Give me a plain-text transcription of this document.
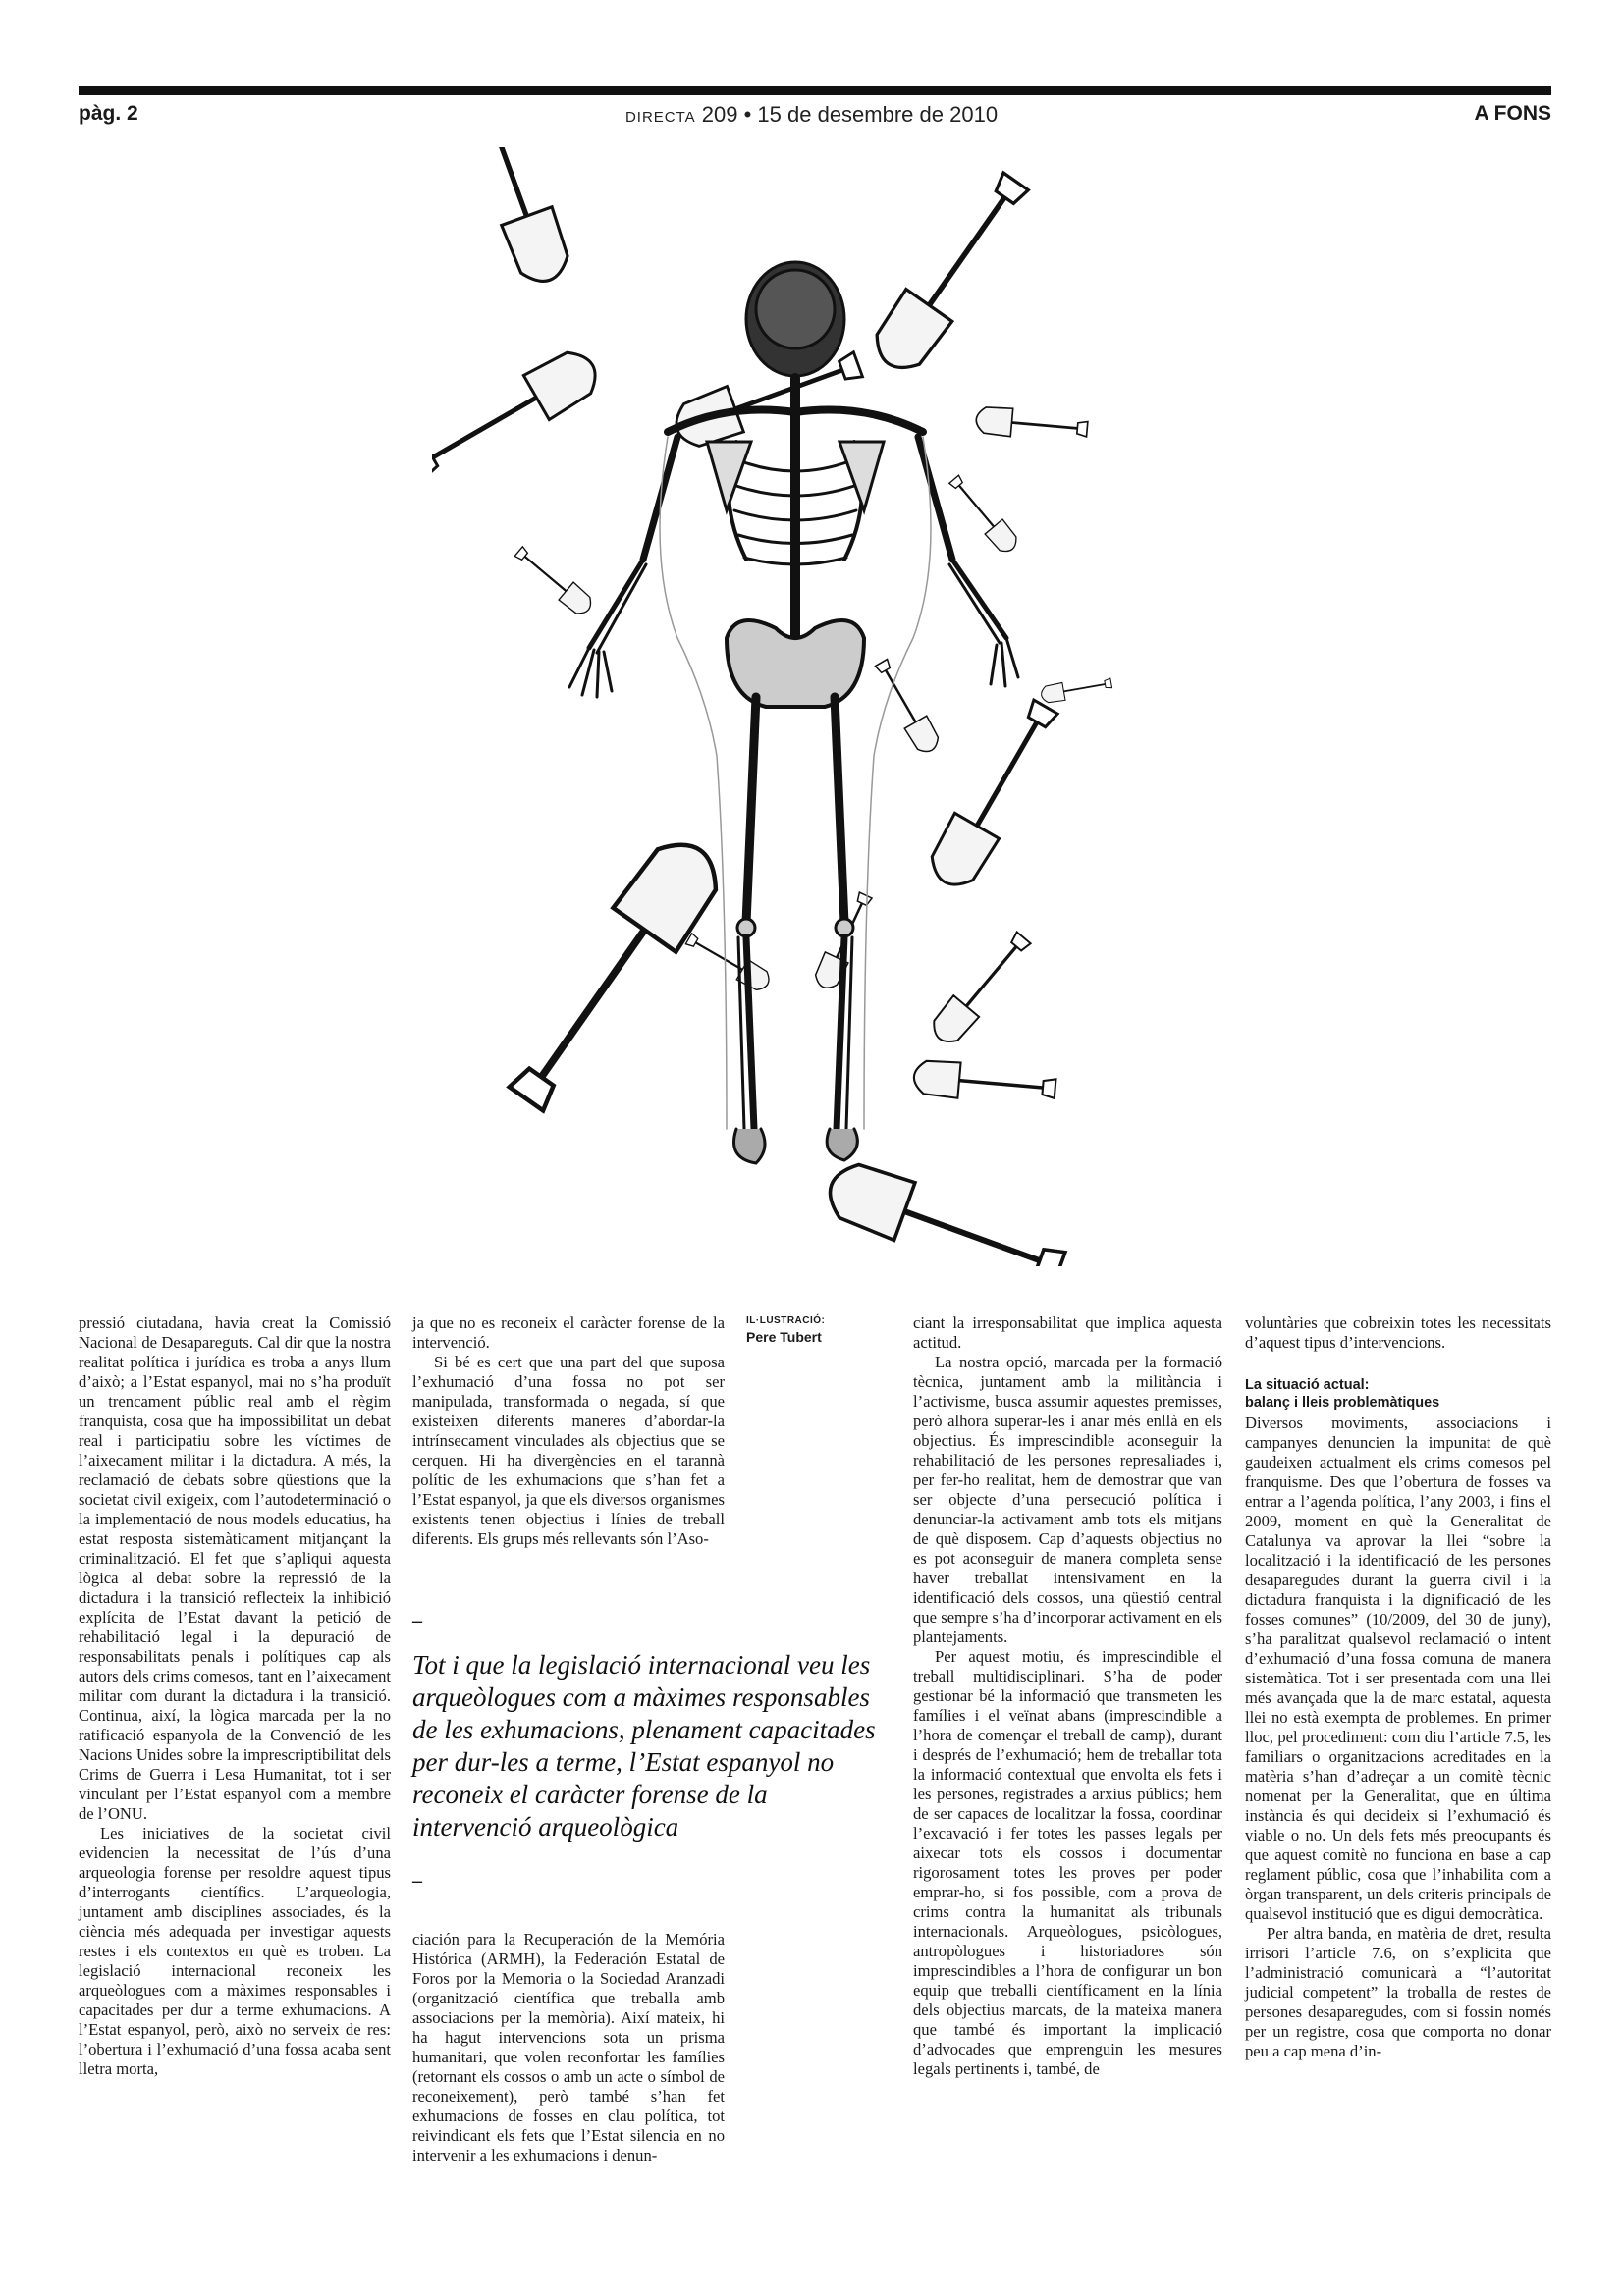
pàg. 2	DIRECTA 209 • 15 de desembre de 2010	A FONS

pressió ciutadana, havia creat la Comissió Nacional de Desapareguts. Cal dir que la nostra realitat política i jurídica es troba a anys llum d’això; a l’Estat espanyol, mai no s’ha produït un trencament públic real amb el règim franquista, cosa que ha impossibilitat un debat real i participatiu sobre les víctimes de l’aixecament militar i la dictadura. A més, la reclamació de debats sobre qüestions que la societat civil exigeix, com l’autodeterminació o la implementació de nous models educatius, ha estat resposta sistemàticament mitjançant la criminalització. El fet que s’apliqui aquesta lògica al debat sobre la repressió de la dictadura i la transició reflecteix la inhibició explícita de l’Estat davant la petició de rehabilitació legal i la depuració de responsabilitats penals i polítiques cap als autors dels crims comesos, tant en l’aixecament militar com durant la dictadura i la transició. Continua, així, la lògica marcada per la no ratificació espanyola de la Convenció de les Nacions Unides sobre la imprescriptibilitat dels Crims de Guerra i Lesa Humanitat, tot i ser vinculant per l’Estat espanyol com a membre de l’ONU.

Les iniciatives de la societat civil evidencien la necessitat de l’ús d’una arqueologia forense per resoldre aquest tipus d’interrogants científics. L’arqueologia, juntament amb disciplines associades, és la ciència més adequada per investigar aquests restes i els contextos en què es troben. La legislació internacional reconeix les arqueòlogues com a màximes responsables i capacitades per dur a terme exhumacions. A l’Estat espanyol, però, això no serveix de res: l’obertura i l’exhumació d’una fossa acaba sent lletra morta,

ja que no es reconeix el caràcter forense de la intervenció.

Si bé es cert que una part del que suposa l’exhumació d’una fossa no pot ser manipulada, transformada o negada, sí que existeixen diferents maneres d’abordar-la intrínsecament vinculades als objectius que se cerquen. Hi ha divergències en el tarannà polític de les exhumacions que s’han fet a l’Estat espanyol, ja que els diversos organismes existents tenen objectius i línies de treball diferents. Els grups més rellevants són l’Aso-

–
Tot i que la legislació internacional veu les arqueòlogues com a màximes responsables de les exhumacions, plenament capacitades per dur-les a terme, l’Estat espanyol no reconeix el caràcter forense de la intervenció arqueològica
–

ciación para la Recuperación de la Memória Histórica (ARMH), la Federación Estatal de Foros por la Memoria o la Sociedad Aranzadi (organització científica que treballa amb associacions per la memòria). Així mateix, hi ha hagut intervencions sota un prisma humanitari, que volen reconfortar les famílies (retornant els cossos o amb un acte o símbol de reconeixement), però també s’han fet exhumacions de fosses en clau política, tot reivindicant els fets que l’Estat silencia en no intervenir a les exhumacions i denun-

IL·LUSTRACIÓ:
Pere Tubert

ciant la irresponsabilitat que implica aquesta actitud.

La nostra opció, marcada per la formació tècnica, juntament amb la militància i l’activisme, busca assumir aquestes premisses, però alhora superar-les i anar més enllà en els objectius. És imprescindible aconseguir la rehabilitació de les persones represaliades i, per fer-ho realitat, hem de demostrar que van ser objecte d’una persecució política i denunciar-la activament amb tots els mitjans de què disposem. Cap d’aquests objectius no es pot aconseguir de manera completa sense haver treballat intensivament en la identificació dels cossos, una qüestió central que sempre s’ha d’incorporar activament en els plantejaments.

Per aquest motiu, és imprescindible el treball multidisciplinari. S’ha de poder gestionar bé la informació que transmeten les famílies i el veïnat abans (imprescindible a l’hora de començar el treball de camp), durant i després de l’exhumació; hem de treballar tota la informació contextual que envolta els fets i les persones, registrades a arxius públics; hem de ser capaces de localitzar la fossa, coordinar l’excavació i fer totes les passes legals per aixecar tots els cossos i documentar rigorosament totes les proves per poder emprar-ho, si fos possible, com a prova de crims contra la humanitat als tribunals internacionals. Arqueòlogues, psicòlogues, antropòlogues i historiadores són imprescindibles a l’hora de configurar un bon equip que treballi científicament en la línia dels objectius marcats, de la mateixa manera que també és important la implicació d’advocades que emprenguin les mesures legals pertinents i, també, de

voluntàries que cobreixin totes les necessitats d’aquest tipus d’intervencions.

La situació actual:
balanç i lleis problemàtiques

Diversos moviments, associacions i campanyes denuncien la impunitat de què gaudeixen actualment els crims comesos pel franquisme. Des que l’obertura de fosses va entrar a l’agenda política, l’any 2003, i fins el 2009, moment en què la Generalitat de Catalunya va aprovar la llei “sobre la localització i la identificació de les persones desaparegudes durant la guerra civil i la dictadura franquista i la dignificació de les fosses comunes” (10/2009, del 30 de juny), s’ha paralitzat qualsevol reclamació o intent d’exhumació d’una fossa comuna de manera sistemàtica. Tot i ser presentada com una llei més avançada que la de marc estatal, aquesta llei no està exempta de problemes. En primer lloc, pel procediment: com diu l’article 7.5, les familiars o organitzacions acreditades en la matèria s’han d’adreçar a un comitè tècnic nomenat per la Generalitat, que en última instància és qui decideix si l’exhumació és viable o no. Un dels fets més preocupants és que aquest comitè no funciona en base a cap reglament públic, cosa que l’inhabilita com a òrgan transparent, un dels criteris principals de qualsevol institució que es digui democràtica.

Per altra banda, en matèria de dret, resulta irrisori l’article 7.6, on s’explicita que l’administració comunicarà a “l’autoritat judicial competent” la troballa de restes de persones desaparegudes, com si fossin només per un registre, cosa que comporta no donar peu a cap mena d’in-
